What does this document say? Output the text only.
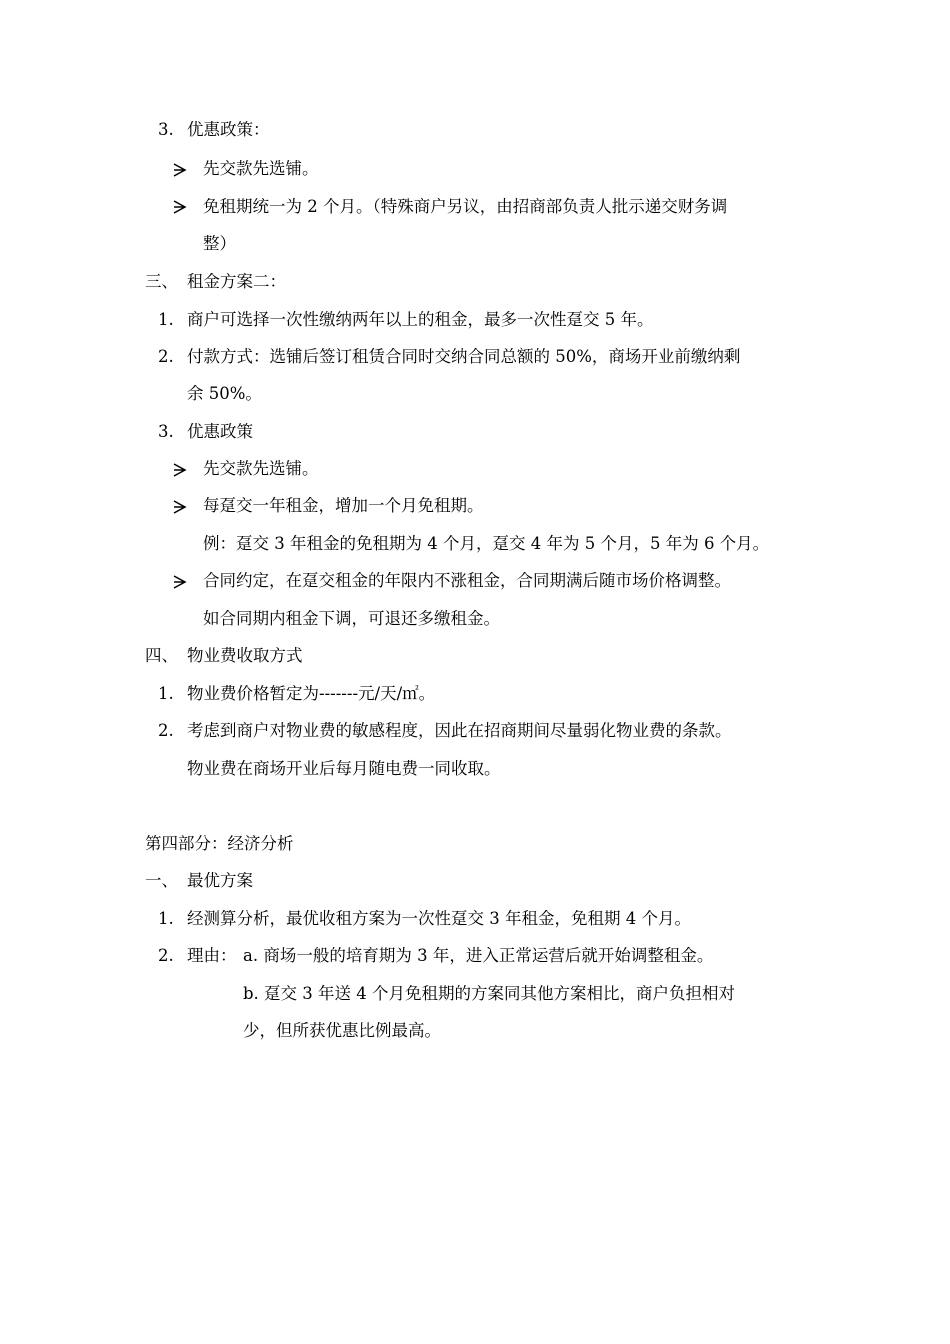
3. 优惠政策：
先交款先选铺。
免租期统一为 2 个月。（特殊商户另议，由招商部负责人批示递交财务调
整）
三、 租金方案二：
1. 商户可选择一次性缴纳两年以上的租金，最多一次性趸交 5 年。
2. 付款方式：选铺后签订租赁合同时交纳合同总额的 50%，商场开业前缴纳剩
余 50%。
3. 优惠政策
先交款先选铺。
每趸交一年租金，增加一个月免租期。
例：趸交 3 年租金的免租期为 4 个月，趸交 4 年为 5 个月，5 年为 6 个月。
合同约定，在趸交租金的年限内不涨租金，合同期满后随市场价格调整。
如合同期内租金下调，可退还多缴租金。
四、 物业费收取方式
1. 物业费价格暂定为-------元/天/㎡。
2. 考虑到商户对物业费的敏感程度，因此在招商期间尽量弱化物业费的条款。
物业费在商场开业后每月随电费一同收取。
第四部分：经济分析
一、 最优方案
1. 经测算分析，最优收租方案为一次性趸交 3 年租金，免租期 4 个月。
2. 理由： a. 商场一般的培育期为 3 年，进入正常运营后就开始调整租金。
b. 趸交 3 年送 4 个月免租期的方案同其他方案相比，商户负担相对
少，但所获优惠比例最高。
